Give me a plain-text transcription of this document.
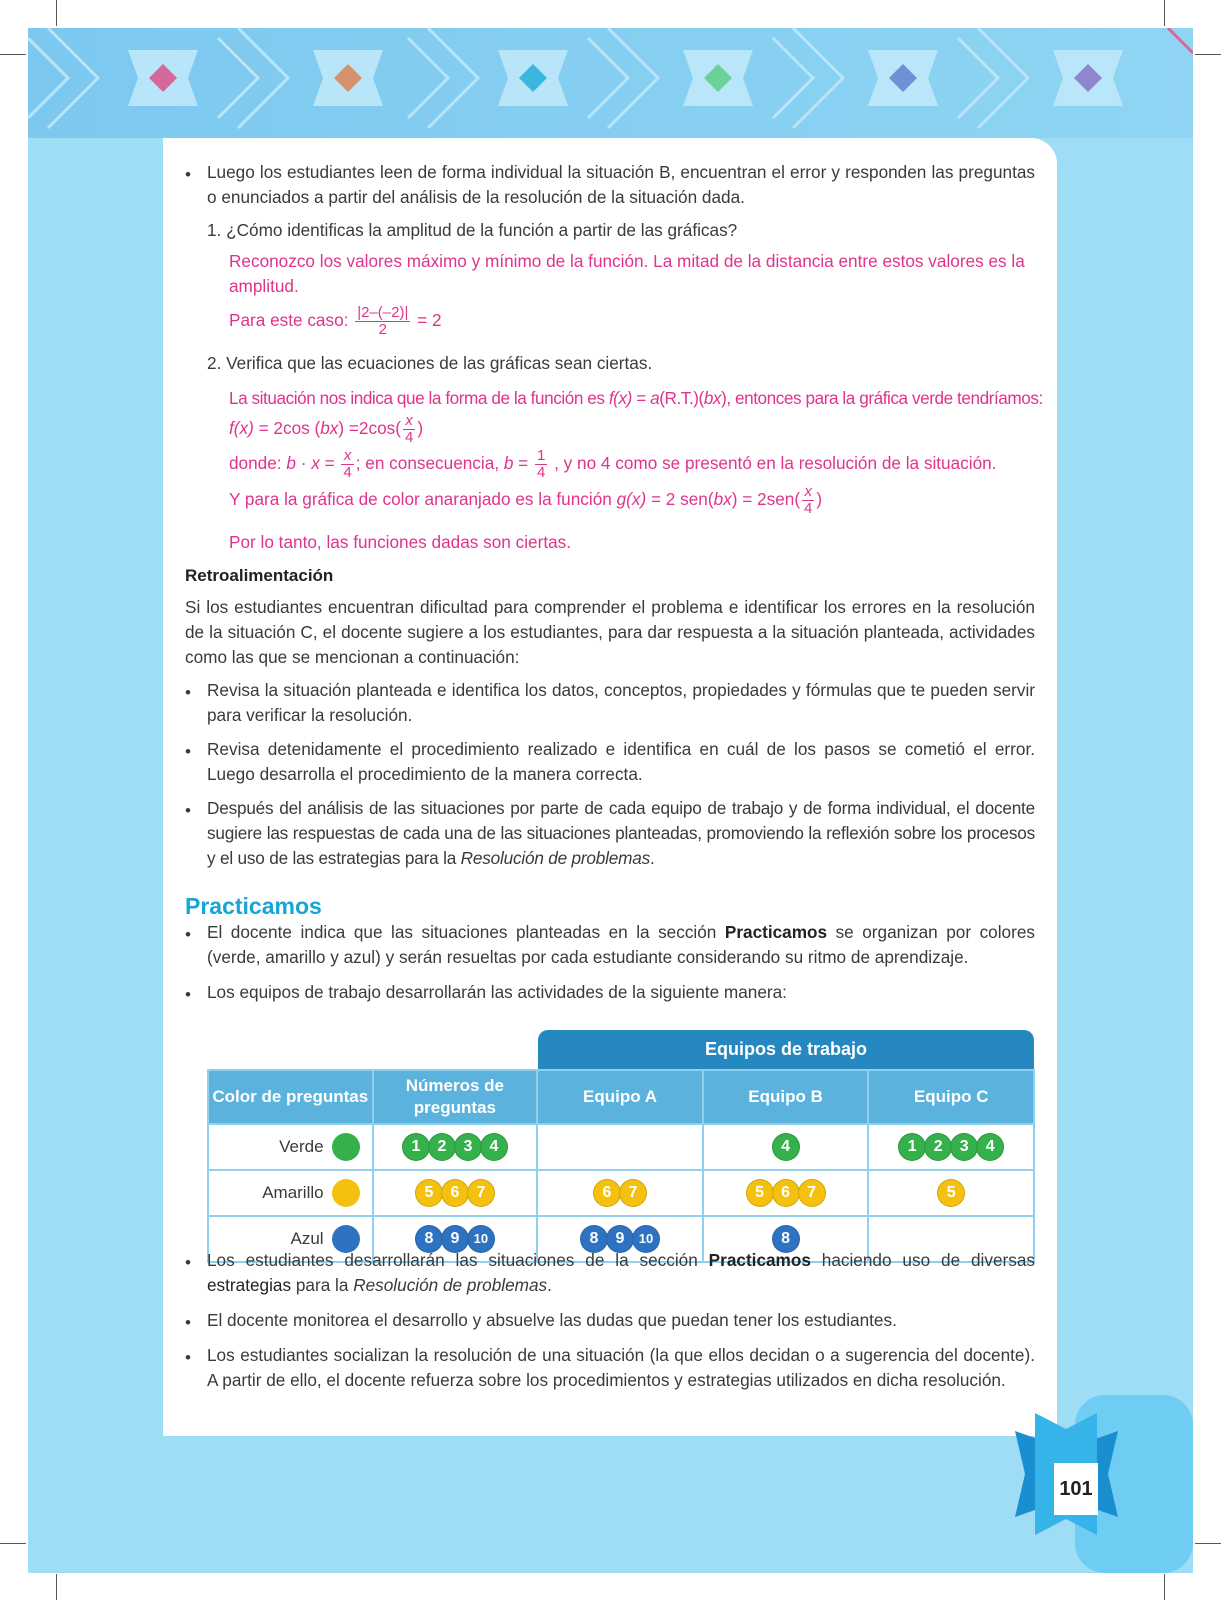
• Luego los estudiantes leen de forma individual la situación B, encuentran el error y responden las preguntas o enunciados a partir del análisis de la resolución de la situación dada.
1. ¿Cómo identificas la amplitud de la función a partir de las gráficas?
Reconozco los valores máximo y mínimo de la función. La mitad de la distancia entre estos valores es la amplitud.
Para este caso: $\frac{|2-(-2)|}{2} = 2$
2. Verifica que las ecuaciones de las gráficas sean ciertas.
La situación nos indica que la forma de la función es f(x) = a(R.T.)(bx), entonces para la gráfica verde tendríamos:
f(x) = 2cos $(bx) =2\cos( \frac{x}{4}$ )
donde: $b \cdot x = \frac{x}{4}$ ; en consecuencia, $b = \frac{1}{4}$ , y no 4 como se presentó en la resolución de la situación.
Y para la gráfica de color anaranjado es la función g(x) = 2 $sen(bx) = 2sen( \frac{x}{4}$ )
Por lo tanto, las funciones dadas son ciertas.
Retroalimentación
Si los estudiantes encuentran dificultad para comprender el problema e identificar los errores en la resolución de la situación C, el docente sugiere a los estudiantes, para dar respuesta a la situación planteada, actividades como las que se mencionan a continuación:
• Revisa la situación planteada e identifica los datos, conceptos, propiedades y fórmulas que te pueden servir para verificar la resolución.
• Revisa detenidamente el procedimiento realizado e identifica en cuál de los pasos se cometió el error. Luego desarrolla el procedimiento de la manera correcta.
• Después del análisis de las situaciones por parte de cada equipo de trabajo y de forma individual, el docente sugiere las respuestas de cada una de las situaciones planteadas, promoviendo la reflexión sobre los procesos y el uso de las estrategias para la Resolución de problemas.
Practicamos
• El docente indica que las situaciones planteadas en la sección Practicamos se organizan por colores (verde, amarillo y azul) y serán resueltas por cada estudiante considerando su ritmo de aprendizaje.
• Los equipos de trabajo desarrollarán las actividades de la siguiente manera:
Equipos de trabajo
Color de preguntas	Números de preguntas	Equipo A	Equipo B	Equipo C
Verde	1 2 3 4		4	1 2 3 4
Amarillo	5 6 7	6 7	5 6 7	5
Azul	8 9 10	8 9 10	8	
• Los estudiantes desarrollarán las situaciones de la sección Practicamos haciendo uso de diversas estrategias para la Resolución de problemas.
• El docente monitorea el desarrollo y absuelve las dudas que puedan tener los estudiantes.
• Los estudiantes socializan la resolución de una situación (la que ellos decidan o a sugerencia del docente). A partir de ello, el docente refuerza sobre los procedimientos y estrategias utilizados en dicha resolución.
101
